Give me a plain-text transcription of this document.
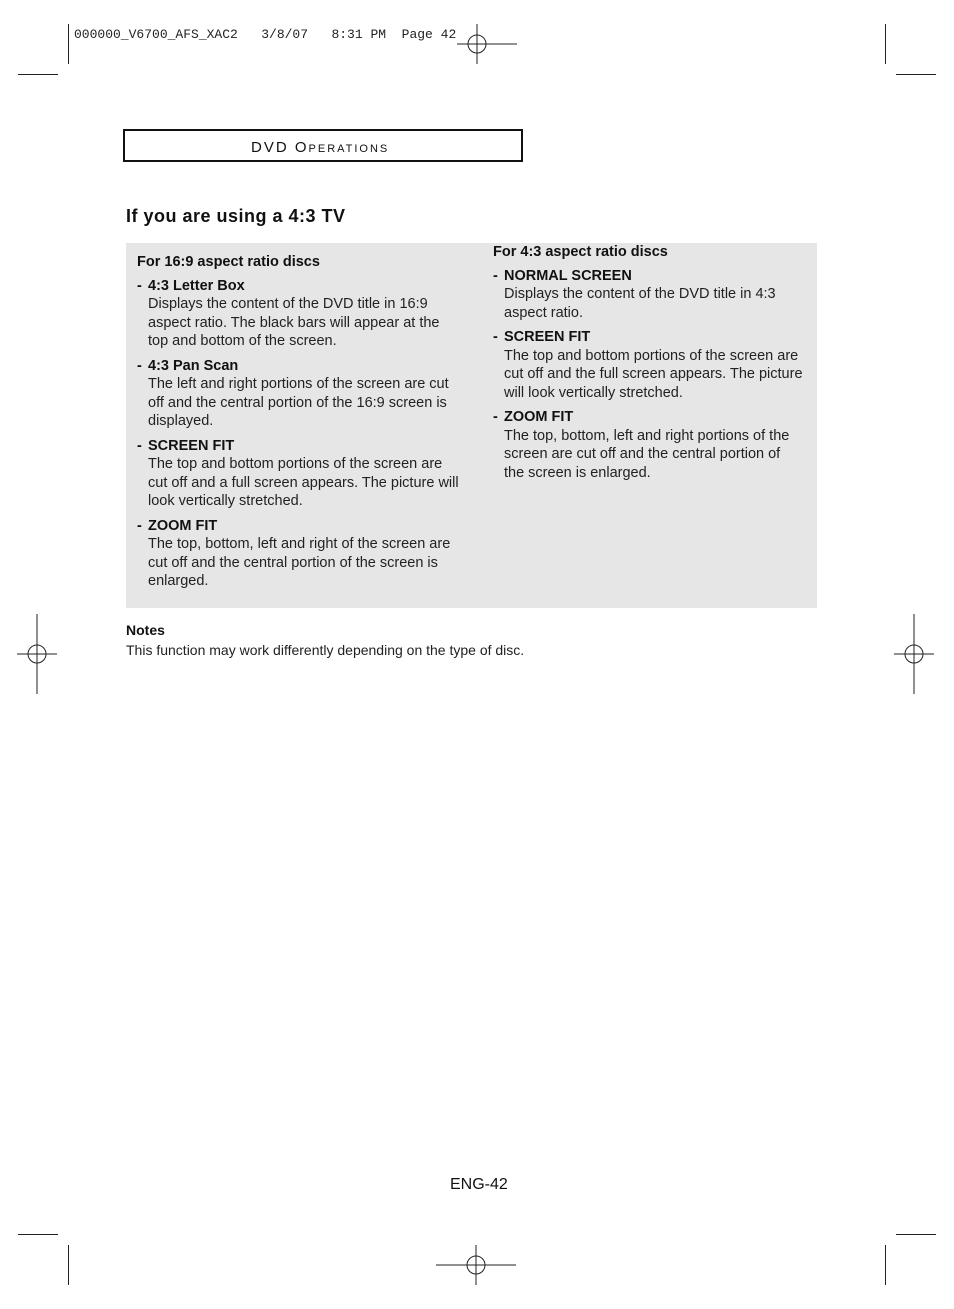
000000_V6700_AFS_XAC2   3/8/07   8:31 PM  Page 42
DVD OPERATIONS
If you are using a 4:3 TV
For 16:9 aspect ratio discs
- 4:3 Letter Box
Displays the content of the DVD title in 16:9 aspect ratio. The black bars will appear at the top and bottom of the screen.
- 4:3 Pan Scan
The left and right portions of the screen are cut off and the central portion of the 16:9 screen is displayed.
- SCREEN FIT
The top and bottom portions of the screen are cut off and a full screen appears. The picture will look vertically stretched.
- ZOOM FIT
The top, bottom, left and right of the screen are cut off and the central portion of the screen is enlarged.
For 4:3 aspect ratio discs
- NORMAL SCREEN
Displays the content of the DVD title in 4:3 aspect ratio.
- SCREEN FIT
The top and bottom portions of the screen are cut off and the full screen appears. The picture will look vertically stretched.
- ZOOM FIT
The top, bottom, left and right portions of the screen are cut off and the central portion of the screen is enlarged.
Notes
This function may work differently depending on the type of disc.
ENG-42
